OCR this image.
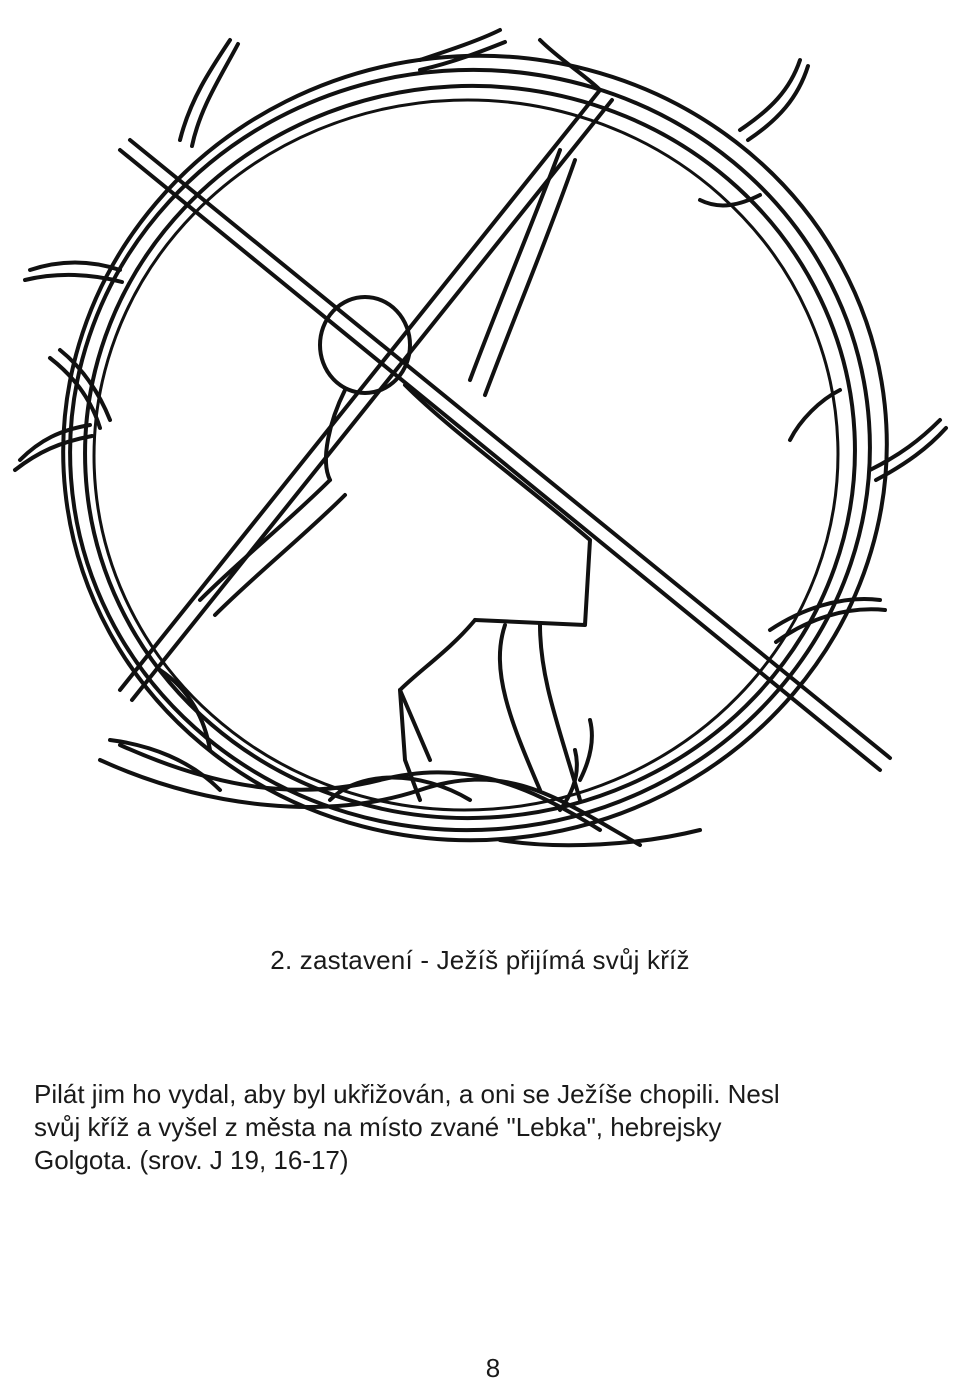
2. zastavení - Ježíš přijímá svůj kříž
Pilát jim ho vydal, aby byl ukřižován, a oni se Ježíše chopili. Nesl
svůj kříž a vyšel z města na místo zvané "Lebka", hebrejsky
Golgota. (srov. J 19, 16-17)
8
